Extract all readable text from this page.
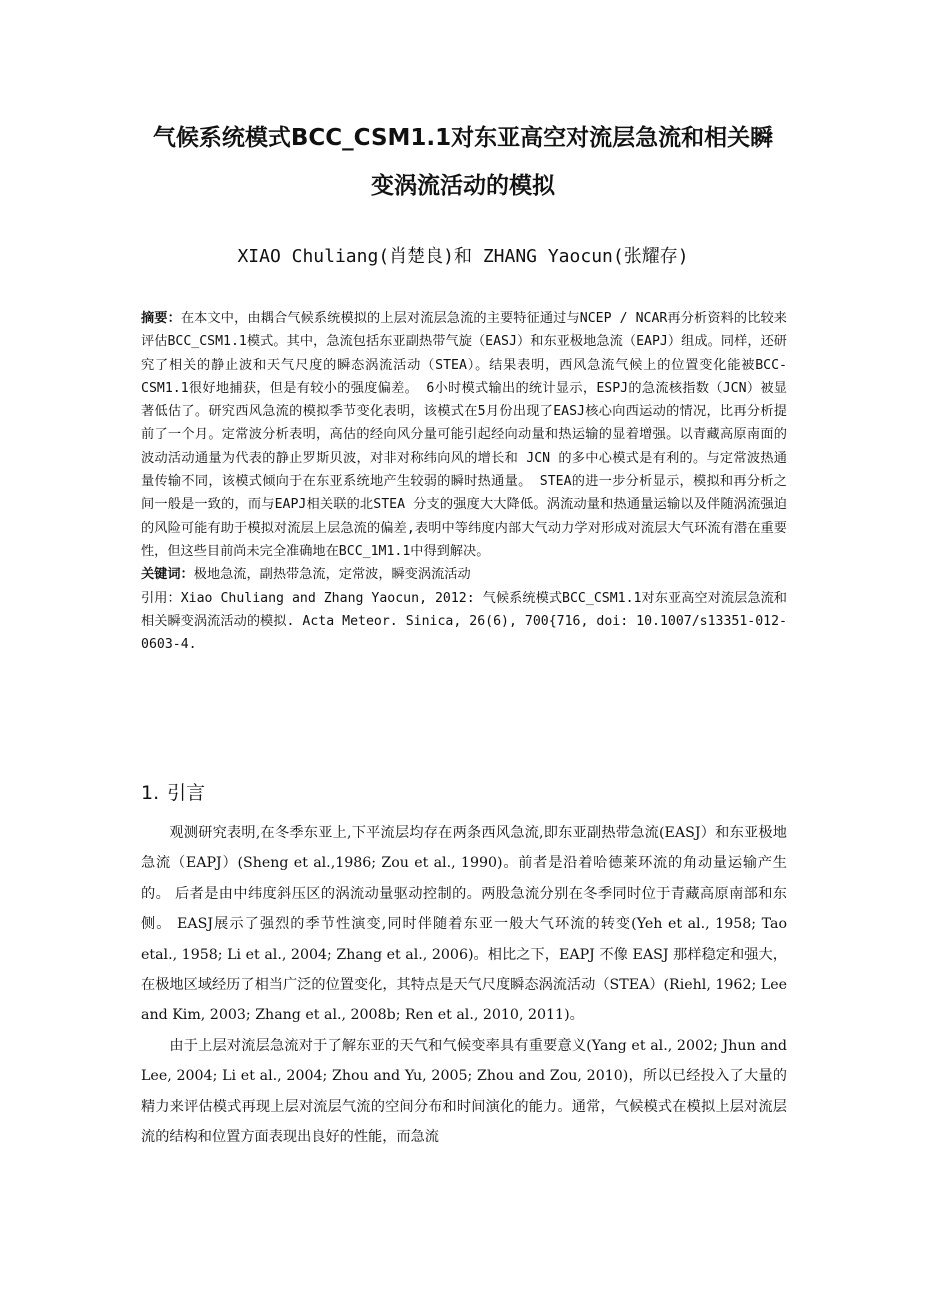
气候系统模式BCC_CSM1.1对东亚高空对流层急流和相关瞬
变涡流活动的模拟

XIAO Chuliang(肖楚良)和 ZHANG Yaocun(张耀存)

摘要：在本文中，由耦合气候系统模拟的上层对流层急流的主要特征通过与NCEP / NCAR再分析资料的比较来评估BCC_CSM1.1模式。其中，急流包括东亚副热带气旋（EASJ）和东亚极地急流（EAPJ）组成。同样，还研究了相关的静止波和天气尺度的瞬态涡流活动（STEA）。结果表明，西风急流气候上的位置变化能被BCC-CSM1.1很好地捕获，但是有较小的强度偏差。 6小时模式输出的统计显示，ESPJ的急流核指数（JCN）被显著低估了。研究西风急流的模拟季节变化表明，该模式在5月份出现了EASJ核心向西运动的情况，比再分析提前了一个月。定常波分析表明，高估的经向风分量可能引起经向动量和热运输的显着增强。以青藏高原南面的波动活动通量为代表的静止罗斯贝波，对非对称纬向风的增长和 JCN 的多中心模式是有利的。与定常波热通量传输不同，该模式倾向于在东亚系统地产生较弱的瞬时热通量。 STEA的进一步分析显示，模拟和再分析之间一般是一致的，而与EAPJ相关联的北STEA 分支的强度大大降低。涡流动量和热通量运输以及伴随涡流强迫的风险可能有助于模拟对流层上层急流的偏差,表明中等纬度内部大气动力学对形成对流层大气环流有潜在重要性，但这些目前尚未完全准确地在BCC_1M1.1中得到解决。

关键词：极地急流，副热带急流，定常波，瞬变涡流活动

引用：Xiao Chuliang and Zhang Yaocun, 2012: 气候系统模式BCC_CSM1.1对东亚高空对流层急流和相关瞬变涡流活动的模拟. Acta Meteor. Sinica, 26(6), 700{716, doi: 10.1007/s13351-012-0603-4.

1. 引言

观测研究表明,在冬季东亚上,下平流层均存在两条西风急流,即东亚副热带急流(EASJ）和东亚极地急流（EAPJ）(Sheng et al.,1986; Zou et al., 1990)。前者是沿着哈德莱环流的角动量运输产生的。 后者是由中纬度斜压区的涡流动量驱动控制的。两股急流分别在冬季同时位于青藏高原南部和东侧。 EASJ展示了强烈的季节性演变,同时伴随着东亚一般大气环流的转变(Yeh et al., 1958; Tao etal., 1958; Li et al., 2004; Zhang et al., 2006)。相比之下，EAPJ 不像 EASJ 那样稳定和强大，在极地区域经历了相当广泛的位置变化，其特点是天气尺度瞬态涡流活动（STEA）(Riehl, 1962; Lee and Kim, 2003; Zhang et al., 2008b; Ren et al., 2010, 2011)。

由于上层对流层急流对于了解东亚的天气和气候变率具有重要意义(Yang et al., 2002; Jhun and Lee, 2004; Li et al., 2004; Zhou and Yu, 2005; Zhou and Zou, 2010)，所以已经投入了大量的精力来评估模式再现上层对流层气流的空间分布和时间演化的能力。通常，气候模式在模拟上层对流层流的结构和位置方面表现出良好的性能，而急流
